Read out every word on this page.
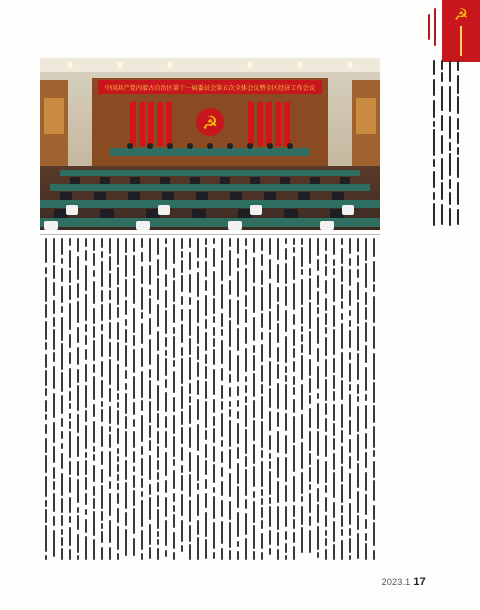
☭
中国共产党内蒙古自治区第十一届委员会第五次全体会议暨全区经济工作会议
☭
2023.1 17
